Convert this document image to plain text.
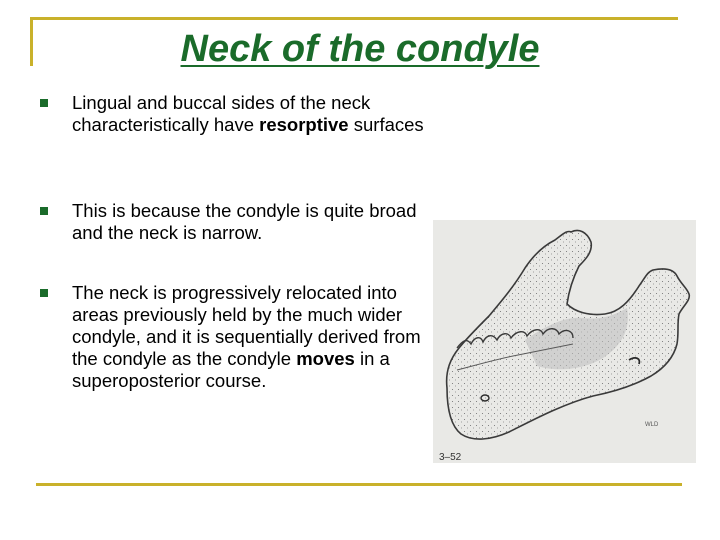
Neck of the condyle
Lingual and buccal sides of the neck characteristically have resorptive surfaces
This is because the condyle is quite broad and the neck is narrow.
The neck is progressively relocated into areas previously held by the much wider condyle, and it is sequentially derived from the condyle as the condyle moves in a superoposterior course.
3–52
WLD
